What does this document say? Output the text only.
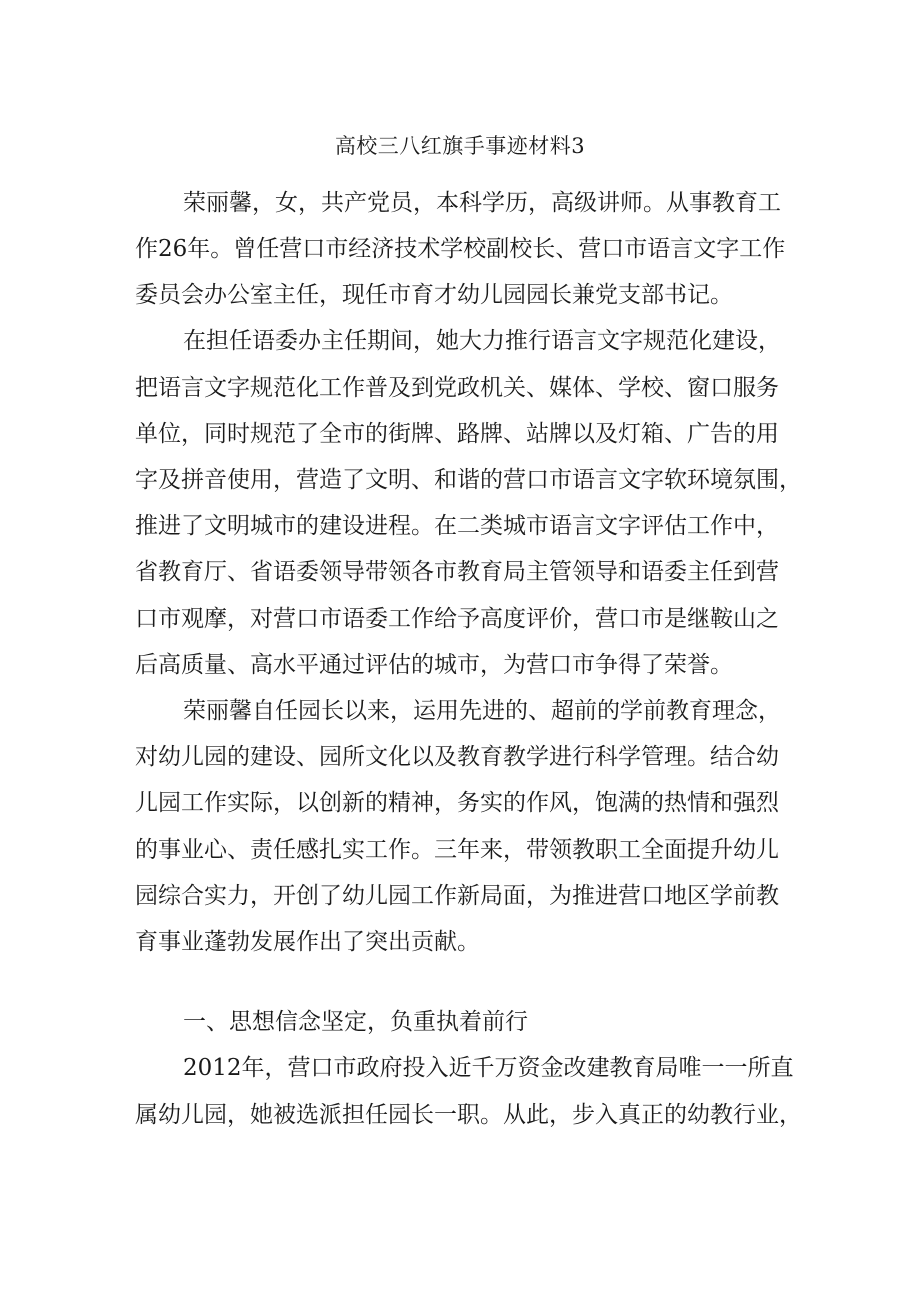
高校三八红旗手事迹材料3

荣丽馨，女，共产党员，本科学历，高级讲师。从事教育工

作26年。曾任营口市经济技术学校副校长、营口市语言文字工作

委员会办公室主任，现任市育才幼儿园园长兼党支部书记。

在担任语委办主任期间，她大力推行语言文字规范化建设，

把语言文字规范化工作普及到党政机关、媒体、学校、窗口服务

单位，同时规范了全市的街牌、路牌、站牌以及灯箱、广告的用

字及拼音使用，营造了文明、和谐的营口市语言文字软环境氛围，

推进了文明城市的建设进程。在二类城市语言文字评估工作中，

省教育厅、省语委领导带领各市教育局主管领导和语委主任到营

口市观摩，对营口市语委工作给予高度评价，营口市是继鞍山之

后高质量、高水平通过评估的城市，为营口市争得了荣誉。

荣丽馨自任园长以来，运用先进的、超前的学前教育理念，

对幼儿园的建设、园所文化以及教育教学进行科学管理。结合幼

儿园工作实际，以创新的精神，务实的作风，饱满的热情和强烈

的事业心、责任感扎实工作。三年来，带领教职工全面提升幼儿

园综合实力，开创了幼儿园工作新局面，为推进营口地区学前教

育事业蓬勃发展作出了突出贡献。

一、思想信念坚定，负重执着前行

2012年，营口市政府投入近千万资金改建教育局唯一一所直

属幼儿园，她被选派担任园长一职。从此，步入真正的幼教行业，
